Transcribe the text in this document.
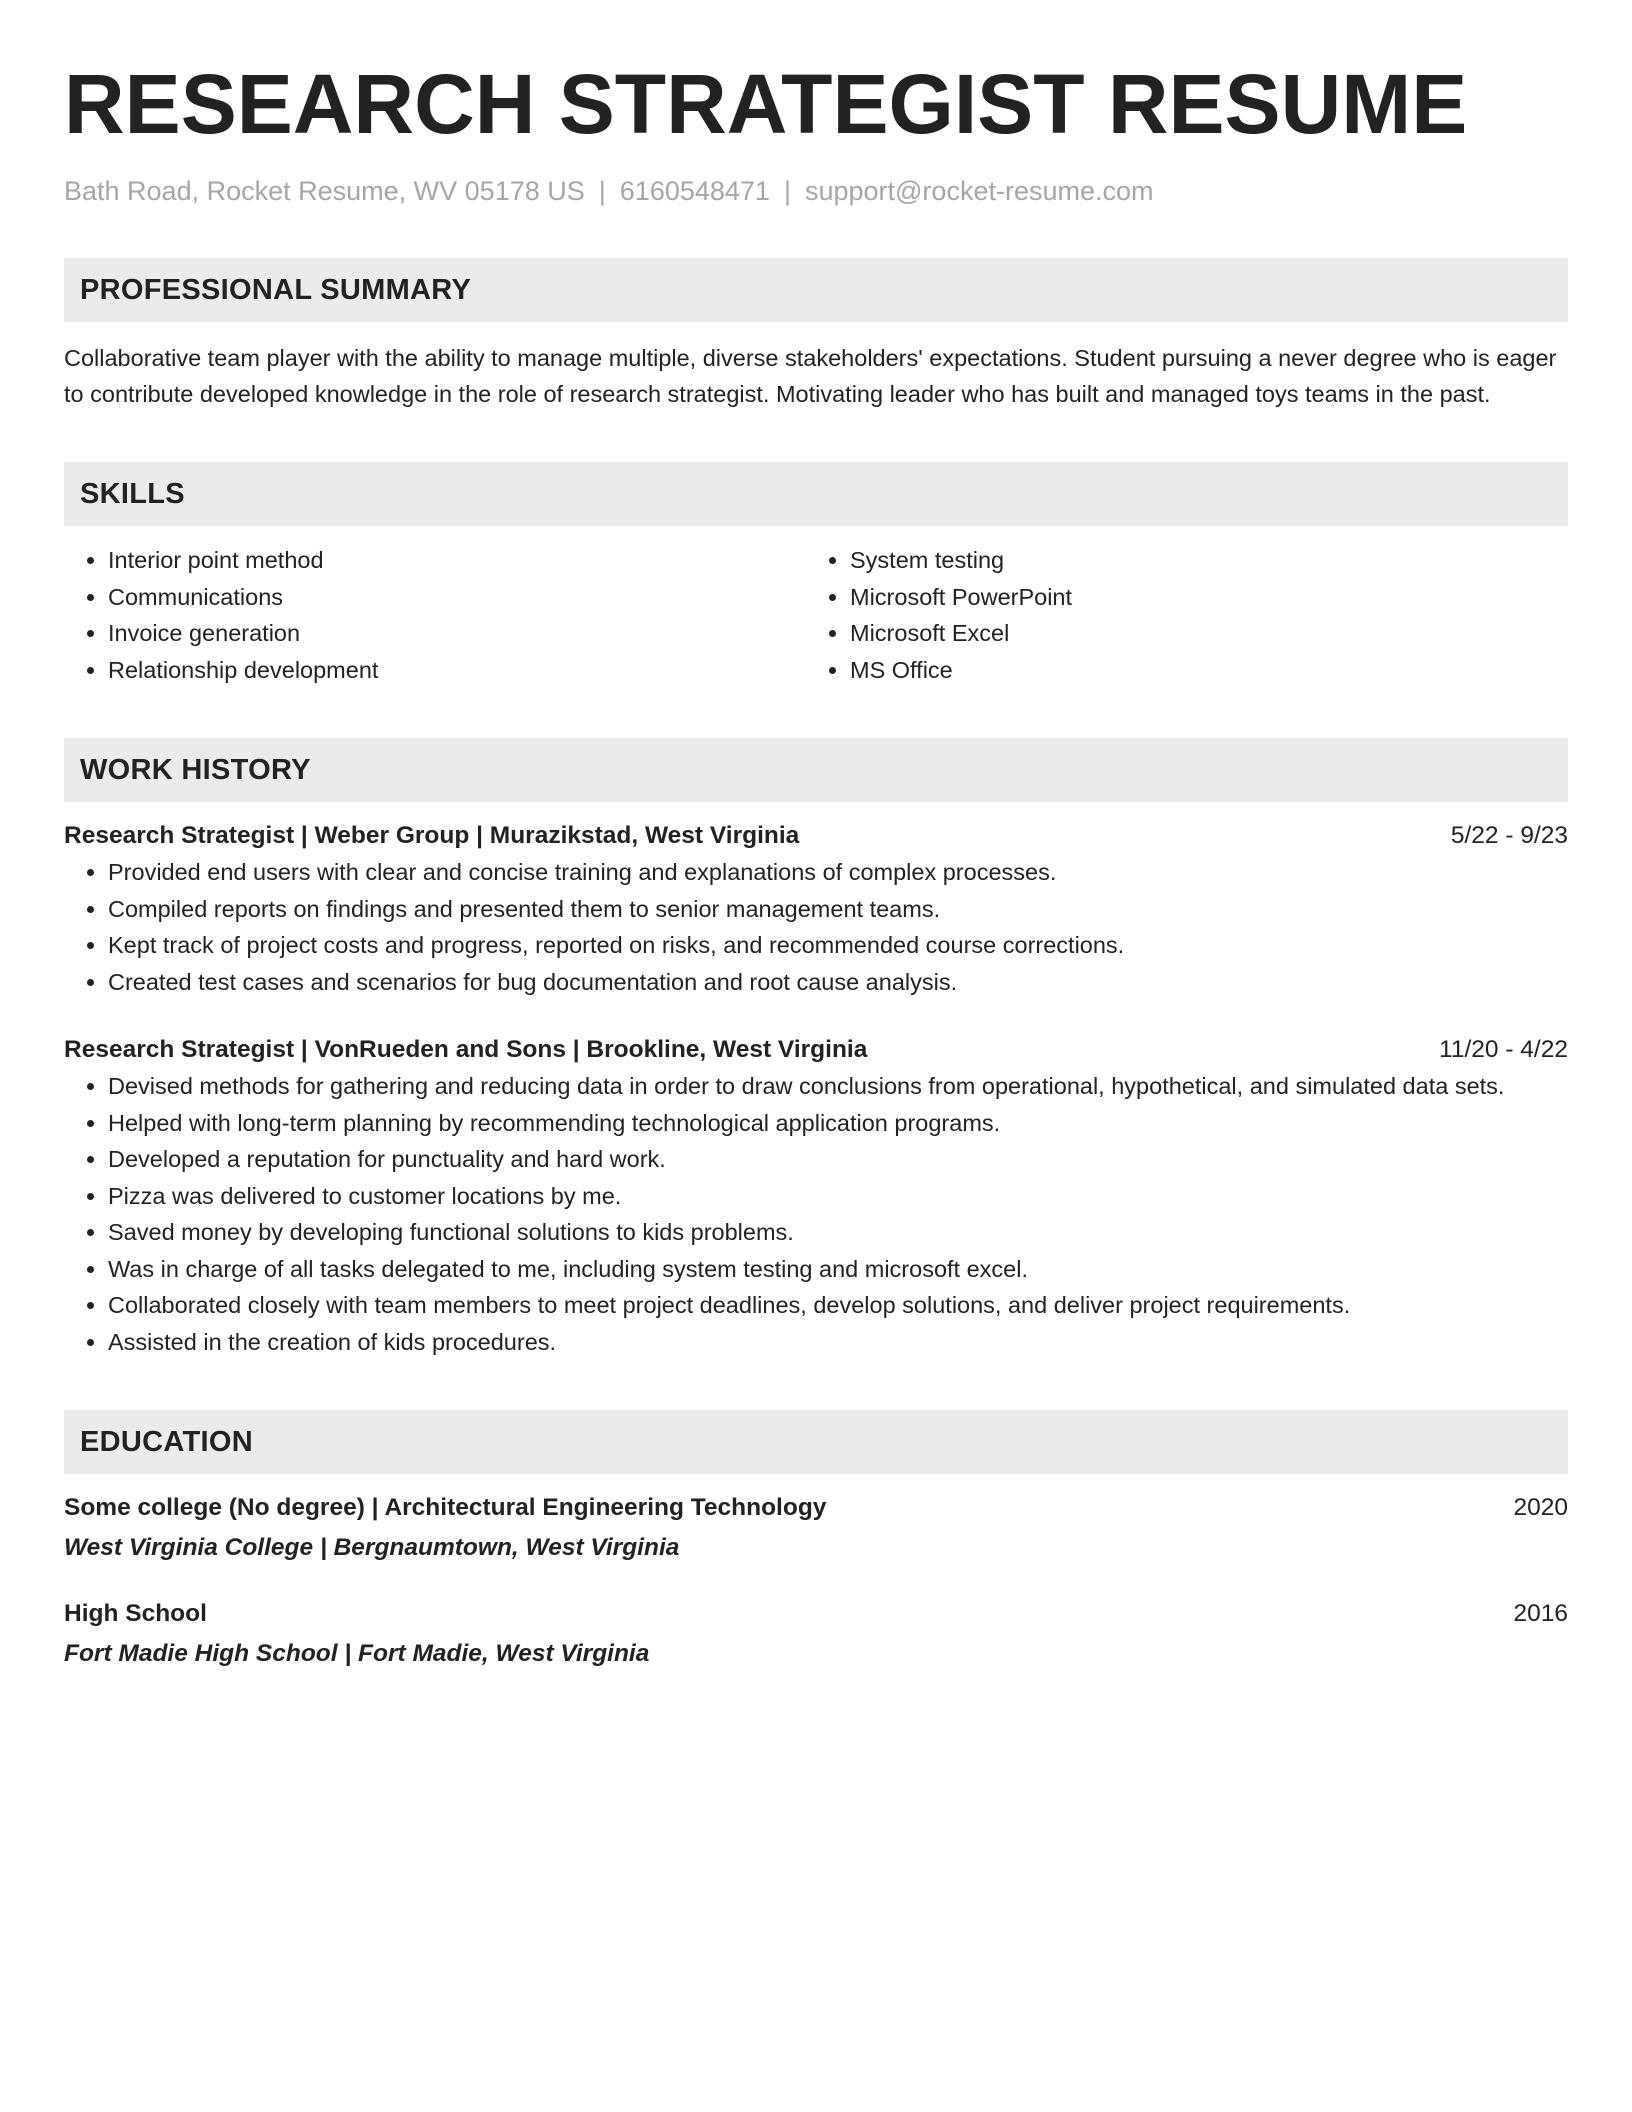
RESEARCH STRATEGIST RESUME
Bath Road, Rocket Resume, WV 05178 US | 6160548471 | support@rocket-resume.com
PROFESSIONAL SUMMARY

Collaborative team player with the ability to manage multiple, diverse stakeholders' expectations. Student pursuing a never degree who is eager to contribute developed knowledge in the role of research strategist. Motivating leader who has built and managed toys teams in the past.

SKILLS
• Interior point method
• Communications
• Invoice generation
• Relationship development
• System testing
• Microsoft PowerPoint
• Microsoft Excel
• MS Office
WORK HISTORY
Research Strategist | Weber Group | Murazikstad, West Virginia	5/22 - 9/23
• Provided end users with clear and concise training and explanations of complex processes.
• Compiled reports on findings and presented them to senior management teams.
• Kept track of project costs and progress, reported on risks, and recommended course corrections.
• Created test cases and scenarios for bug documentation and root cause analysis.
Research Strategist | VonRueden and Sons | Brookline, West Virginia	11/20 - 4/22
• Devised methods for gathering and reducing data in order to draw conclusions from operational, hypothetical, and simulated data sets.
• Helped with long-term planning by recommending technological application programs.
• Developed a reputation for punctuality and hard work.
• Pizza was delivered to customer locations by me.
• Saved money by developing functional solutions to kids problems.
• Was in charge of all tasks delegated to me, including system testing and microsoft excel.
• Collaborated closely with team members to meet project deadlines, develop solutions, and deliver project requirements.
• Assisted in the creation of kids procedures.
EDUCATION
Some college (No degree) | Architectural Engineering Technology	2020
West Virginia College | Bergnaumtown, West Virginia
High School	2016
Fort Madie High School | Fort Madie, West Virginia
